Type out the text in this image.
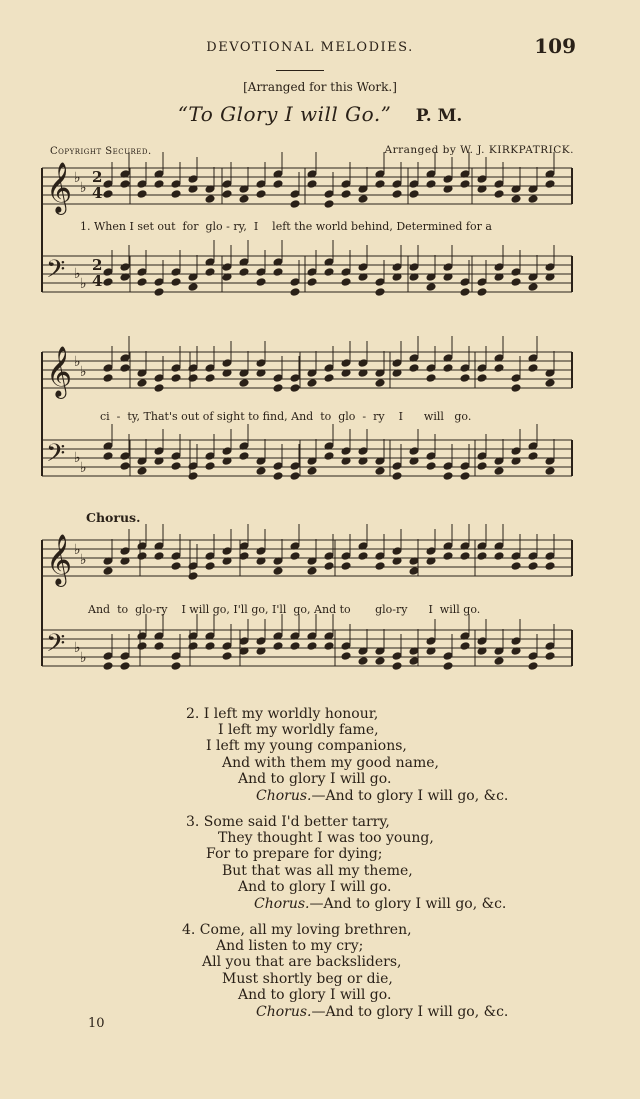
DEVOTIONAL MELODIES.	109
[Arranged for this Work.]
“To Glory I will Go.” P. M.
Copyright Secured.	Arranged by W. J. KIRKPATRICK.
𝄞 ♭
♭
𝄢 ♭
♭
2
4
2
4
𝄞 ♭
♭
𝄢 ♭
♭
𝄞 ♭
♭
𝄢 ♭
♭
1. When I set out  for  glo - ry,  I    left the world behind, Determined for a
ci  -  ty, That's out of sight to find, And  to  glo  -  ry    I      will   go.
Chorus.
And  to  glo-ry    I will go, I'll go, I'll  go, And to       glo-ry      I  will go.
2. I left my worldly honour,
I left my worldly fame,
I left my young companions,
And with them my good name,
And to glory I will go.
Chorus.—And to glory I will go, &c.
3. Some said I'd better tarry,
They thought I was too young,
For to prepare for dying;
But that was all my theme,
And to glory I will go.
Chorus.—And to glory I will go, &c.
4. Come, all my loving brethren,
And listen to my cry;
All you that are backsliders,
Must shortly beg or die,
And to glory I will go.
Chorus.—And to glory I will go, &c.
10
